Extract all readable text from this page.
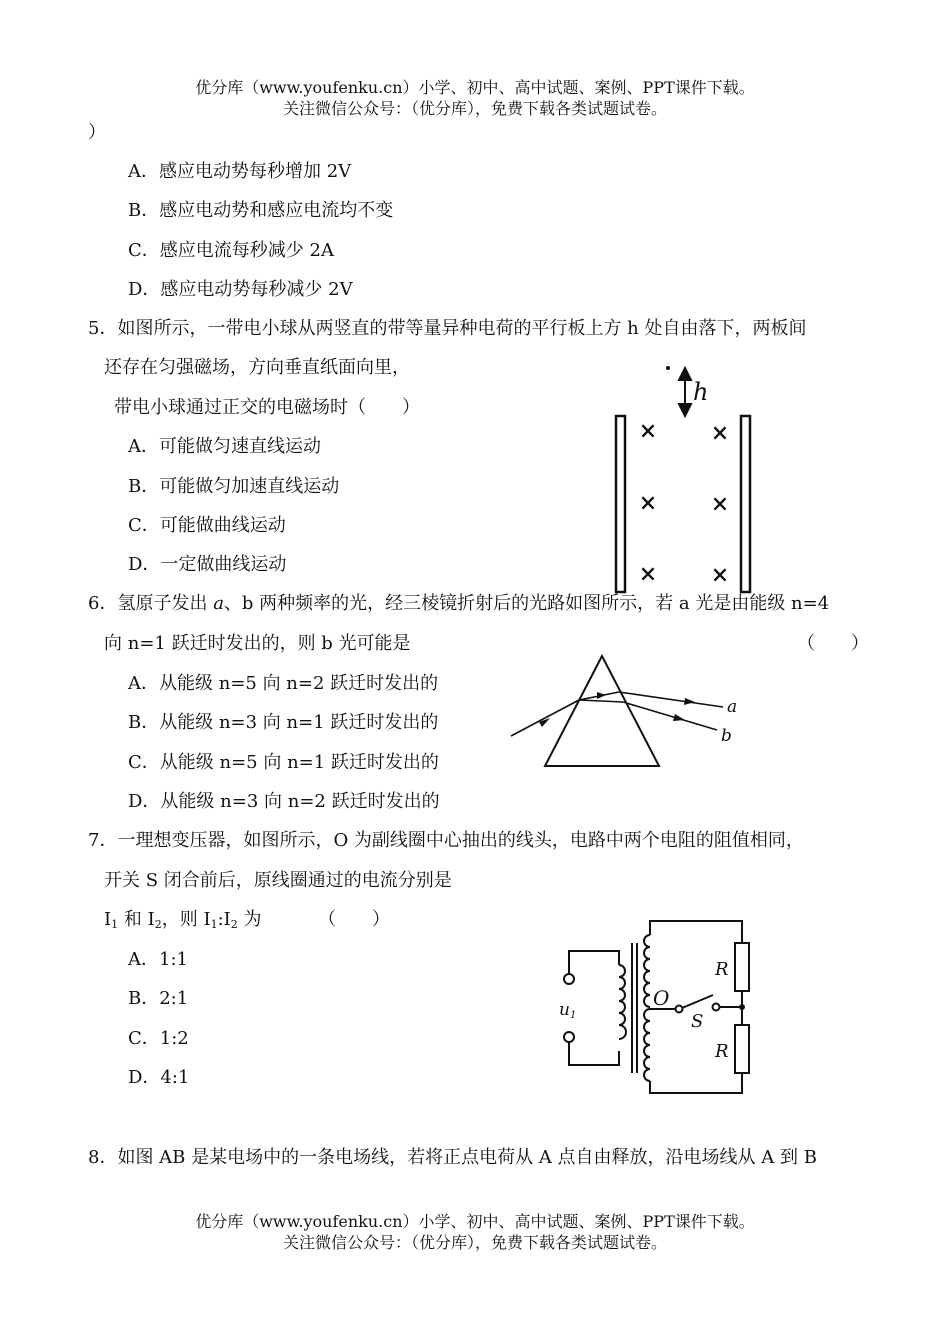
优分库（www.youfenku.cn）小学、初中、高中试题、案例、PPT课件下载。
关注微信公众号：（优分库），免费下载各类试题试卷。
）
A．感应电动势每秒增加 2V
B．感应电动势和感应电流均不变
C．感应电流每秒减少 2A
D．感应电动势每秒减少 2V
5．如图所示，一带电小球从两竖直的带等量异种电荷的平行板上方 h 处自由落下，两板间
还存在匀强磁场，方向垂直纸面向里，
带电小球通过正交的电磁场时（　　）
A．可能做匀速直线运动
B．可能做匀加速直线运动
C．可能做曲线运动
D．一定做曲线运动
h
× ×
× ×
× ×
6．氢原子发出 a、b 两种频率的光，经三棱镜折射后的光路如图所示，若 a 光是由能级 n=4
向 n=1 跃迁时发出的，则 b 光可能是	（　　）
A．从能级 n=5 向 n=2 跃迁时发出的
B．从能级 n=3 向 n=1 跃迁时发出的
C．从能级 n=5 向 n=1 跃迁时发出的
D．从能级 n=3 向 n=2 跃迁时发出的
a
b
7．一理想变压器，如图所示，O 为副线圈中心抽出的线头，电路中两个电阻的阻值相同，
开关 S 闭合前后，原线圈通过的电流分别是
$I_1$ 和 $I_2$，则 $I_1:I_2$ 为	（　　）
A．1:1
B．2:1
C．1:2
D．4:1
R
R
O
S
u1
8．如图 AB 是某电场中的一条电场线，若将正点电荷从 A 点自由释放，沿电场线从 A 到 B
优分库（www.youfenku.cn）小学、初中、高中试题、案例、PPT课件下载。
关注微信公众号：（优分库），免费下载各类试题试卷。
